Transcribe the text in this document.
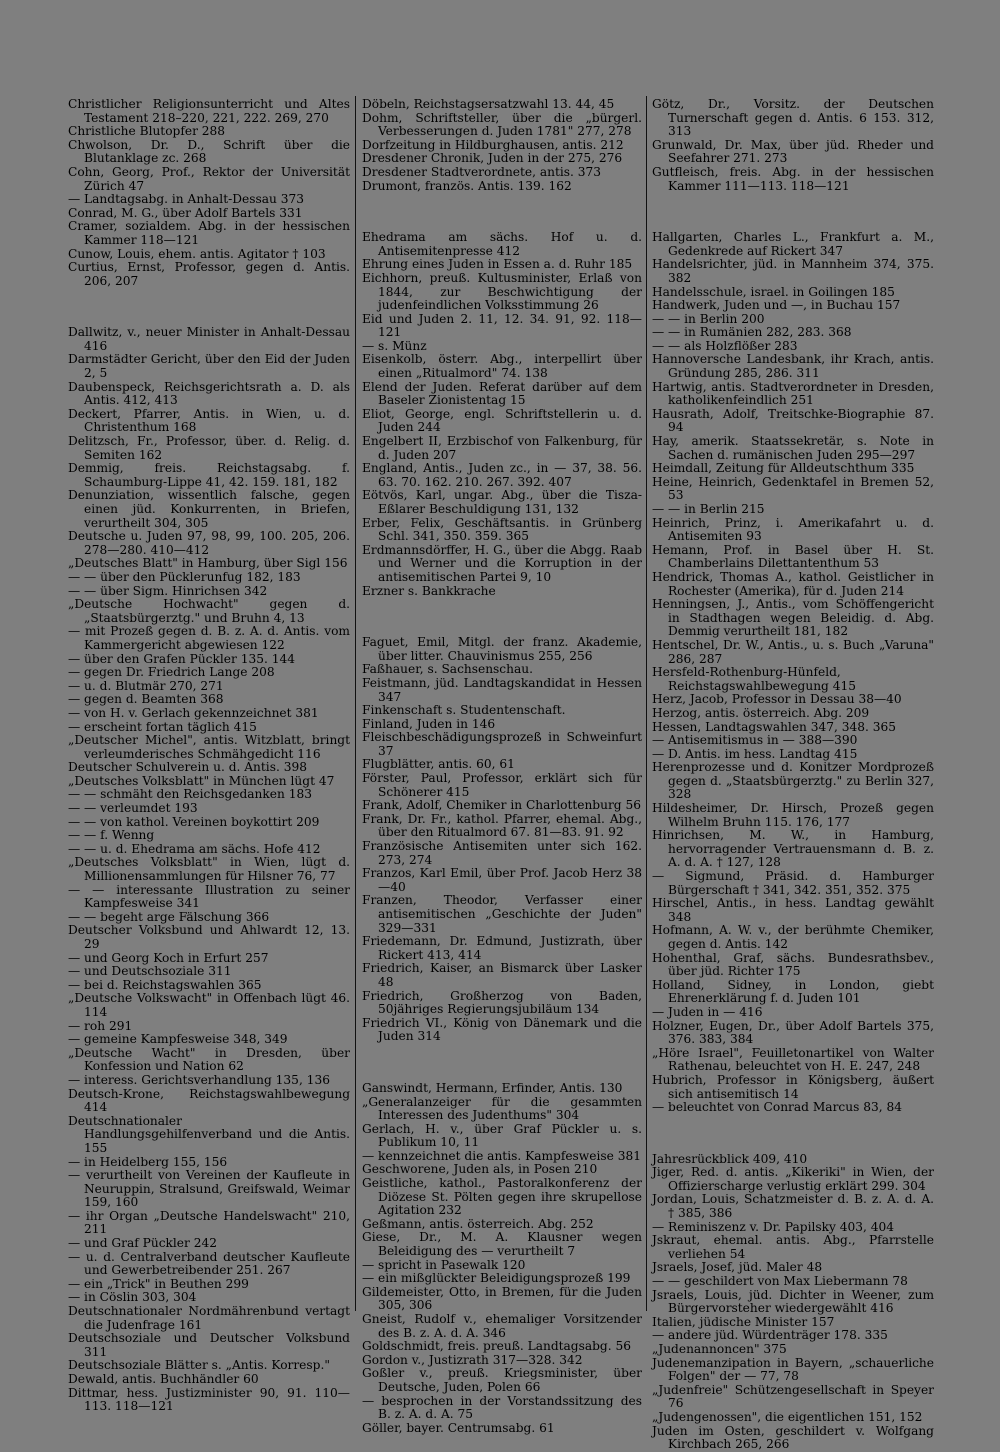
Christlicher Religionsunterricht und Altes Testament 218–220, 221, 222. 269, 270

Christliche Blutopfer 288

Chwolson, Dr. D., Schrift über die Blutanklage zc. 268

Cohn, Georg, Prof., Rektor der Universität Zürich 47

— Landtagsabg. in Anhalt-Dessau 373

Conrad, M. G., über Adolf Bartels 331

Cramer, sozialdem. Abg. in der hessischen Kammer 118—121

Cunow, Louis, ehem. antis. Agitator † 103

Curtius, Ernst, Professor, gegen d. Antis. 206, 207

Dallwitz, v., neuer Minister in Anhalt-Dessau 416

Darmstädter Gericht, über den Eid der Juden 2, 5

Daubenspeck, Reichsgerichtsrath a. D. als Antis. 412, 413

Deckert, Pfarrer, Antis. in Wien, u. d. Christenthum 168

Delitzsch, Fr., Professor, über. d. Relig. d. Semiten 162

Demmig, freis. Reichstagsabg. f. Schaumburg-Lippe 41, 42. 159. 181, 182

Denunziation, wissentlich falsche, gegen einen jüd. Konkurrenten, in Briefen, verurtheilt 304, 305

Deutsche u. Juden 97, 98, 99, 100. 205, 206. 278—280. 410—412

„Deutsches Blatt" in Hamburg, über Sigl 156

— — über den Pücklerunfug 182, 183

— — über Sigm. Hinrichsen 342

„Deutsche Hochwacht" gegen d. „Staatsbürgerztg." und Bruhn 4, 13

— mit Prozeß gegen d. B. z. A. d. Antis. vom Kammergericht abgewiesen 122

— über den Grafen Pückler 135. 144

— gegen Dr. Friedrich Lange 208

— u. d. Blutmär 270, 271

— gegen d. Beamten 368

— von H. v. Gerlach gekennzeichnet 381

— erscheint fortan täglich 415

„Deutscher Michel", antis. Witzblatt, bringt verleumderisches Schmähgedicht 116

Deutscher Schulverein u. d. Antis. 398

„Deutsches Volksblatt" in München lügt 47

— — schmäht den Reichsgedanken 183

— — verleumdet 193

— — von kathol. Vereinen boykottirt 209

— — f. Wenng

— — u. d. Ehedrama am sächs. Hofe 412

„Deutsches Volksblatt" in Wien, lügt d. Millionensammlungen für Hilsner 76, 77

— — interessante Illustration zu seiner Kampfesweise 341

— — begeht arge Fälschung 366

Deutscher Volksbund und Ahlwardt 12, 13. 29

— und Georg Koch in Erfurt 257

— und Deutschsoziale 311

— bei d. Reichstagswahlen 365

„Deutsche Volkswacht" in Offenbach lügt 46. 114

— roh 291

— gemeine Kampfesweise 348, 349

„Deutsche Wacht" in Dresden, über Konfession und Nation 62

— interess. Gerichtsverhandlung 135, 136

Deutsch-Krone, Reichstagswahlbewegung 414

Deutschnationaler Handlungsgehilfenverband und die Antis. 155

— in Heidelberg 155, 156

— verurtheilt von Vereinen der Kaufleute in Neuruppin, Stralsund, Greifswald, Weimar 159, 160

— ihr Organ „Deutsche Handelswacht" 210, 211

— und Graf Pückler 242

— u. d. Centralverband deutscher Kaufleute und Gewerbetreibender 251. 267

— ein „Trick" in Beuthen 299

— in Cöslin 303, 304

Deutschnationaler Nordmährenbund vertagt die Judenfrage 161

Deutschsoziale und Deutscher Volksbund 311

Deutschsoziale Blätter s. „Antis. Korresp."

Dewald, antis. Buchhändler 60

Dittmar, hess. Justizminister 90, 91. 110—113. 118—121

Döbeln, Reichstagsersatzwahl 13. 44, 45

Dohm, Schriftsteller, über die „bürgerl. Verbesserungen d. Juden 1781" 277, 278

Dorfzeitung in Hildburghausen, antis. 212

Dresdener Chronik, Juden in der 275, 276

Dresdener Stadtverordnete, antis. 373

Drumont, französ. Antis. 139. 162

Ehedrama am sächs. Hof u. d. Antisemitenpresse 412

Ehrung eines Juden in Essen a. d. Ruhr 185

Eichhorn, preuß. Kultusminister, Erlaß von 1844, zur Beschwichtigung der judenfeindlichen Volksstimmung 26

Eid und Juden 2. 11, 12. 34. 91, 92. 118—121

— s. Münz

Eisenkolb, österr. Abg., interpellirt über einen „Ritualmord" 74. 138

Elend der Juden. Referat darüber auf dem Baseler Zionistentag 15

Eliot, George, engl. Schriftstellerin u. d. Juden 244

Engelbert II, Erzbischof von Falkenburg, für d. Juden 207

England, Antis., Juden zc., in — 37, 38. 56. 63. 70. 162. 210. 267. 392. 407

Eötvös, Karl, ungar. Abg., über die Tisza-Eßlarer Beschuldigung 131, 132

Erber, Felix, Geschäftsantis. in Grünberg Schl. 341, 350. 359. 365

Erdmannsdörffer, H. G., über die Abgg. Raab und Werner und die Korruption in der antisemitischen Partei 9, 10

Erzner s. Bankkrache

Faguet, Emil, Mitgl. der franz. Akademie, über litter. Chauvinismus 255, 256

Faßhauer, s. Sachsenschau.

Feistmann, jüd. Landtagskandidat in Hessen 347

Finkenschaft s. Studentenschaft.

Finland, Juden in 146

Fleischbeschädigungsprozeß in Schweinfurt 37

Flugblätter, antis. 60, 61

Förster, Paul, Professor, erklärt sich für Schönerer 415

Frank, Adolf, Chemiker in Charlottenburg 56

Frank, Dr. Fr., kathol. Pfarrer, ehemal. Abg., über den Ritualmord 67. 81—83. 91. 92

Französische Antisemiten unter sich 162. 273, 274

Franzos, Karl Emil, über Prof. Jacob Herz 38—40

Franzen, Theodor, Verfasser einer antisemitischen „Geschichte der Juden" 329—331

Friedemann, Dr. Edmund, Justizrath, über Rickert 413, 414

Friedrich, Kaiser, an Bismarck über Lasker 48

Friedrich, Großherzog von Baden, 50jähriges Regierungsjubiläum 134

Friedrich VI., König von Dänemark und die Juden 314

Ganswindt, Hermann, Erfinder, Antis. 130

„Generalanzeiger für die gesammten Interessen des Judenthums" 304

Gerlach, H. v., über Graf Pückler u. s. Publikum 10, 11

— kennzeichnet die antis. Kampfesweise 381

Geschworene, Juden als, in Posen 210

Geistliche, kathol., Pastoralkonferenz der Diözese St. Pölten gegen ihre skrupellose Agitation 232

Geßmann, antis. österreich. Abg. 252

Giese, Dr., M. A. Klausner wegen Beleidigung des — verurtheilt 7

— spricht in Pasewalk 120

— ein mißglückter Beleidigungsprozeß 199

Gildemeister, Otto, in Bremen, für die Juden 305, 306

Gneist, Rudolf v., ehemaliger Vorsitzender des B. z. A. d. A. 346

Goldschmidt, freis. preuß. Landtagsabg. 56

Gordon v., Justizrath 317—328. 342

Goßler v., preuß. Kriegsminister, über Deutsche, Juden, Polen 66

— besprochen in der Vorstandssitzung des B. z. A. d. A. 75

Göller, bayer. Centrumsabg. 61

Götz, Dr., Vorsitz. der Deutschen Turnerschaft gegen d. Antis. 6 153. 312, 313

Grunwald, Dr. Max, über jüd. Rheder und Seefahrer 271. 273

Gutfleisch, freis. Abg. in der hessischen Kammer 111—113. 118—121

Hallgarten, Charles L., Frankfurt a. M., Gedenkrede auf Rickert 347

Handelsrichter, jüd. in Mannheim 374, 375. 382

Handelsschule, israel. in Goilingen 185

Handwerk, Juden und —, in Buchau 157

— — in Berlin 200

— — in Rumänien 282, 283. 368

— — als Holzflößer 283

Hannoversche Landesbank, ihr Krach, antis. Gründung 285, 286. 311

Hartwig, antis. Stadtverordneter in Dresden, katholikenfeindlich 251

Hausrath, Adolf, Treitschke-Biographie 87. 94

Hay, amerik. Staatssekretär, s. Note in Sachen d. rumänischen Juden 295—297

Heimdall, Zeitung für Alldeutschthum 335

Heine, Heinrich, Gedenktafel in Bremen 52, 53

— — in Berlin 215

Heinrich, Prinz, i. Amerikafahrt u. d. Antisemiten 93

Hemann, Prof. in Basel über H. St. Chamberlains Dilettantenthum 53

Hendrick, Thomas A., kathol. Geistlicher in Rochester (Amerika), für d. Juden 214

Henningsen, J., Antis., vom Schöffengericht in Stadthagen wegen Beleidig. d. Abg. Demmig verurtheilt 181, 182

Hentschel, Dr. W., Antis., u. s. Buch „Varuna" 286, 287

Hersfeld-Rothenburg-Hünfeld, Reichstagswahlbewegung 415

Herz, Jacob, Professor in Dessau 38—40

Herzog, antis. österreich. Abg. 209

Hessen, Landtagswahlen 347, 348. 365

— Antisemitismus in — 388—390

— D. Antis. im hess. Landtag 415

Herenprozesse und d. Konitzer Mordprozeß gegen d. „Staatsbürgerztg." zu Berlin 327, 328

Hildesheimer, Dr. Hirsch, Prozeß gegen Wilhelm Bruhn 115. 176, 177

Hinrichsen, M. W., in Hamburg, hervorragender Vertrauensmann d. B. z. A. d. A. † 127, 128

— Sigmund, Präsid. d. Hamburger Bürgerschaft † 341, 342. 351, 352. 375

Hirschel, Antis., in hess. Landtag gewählt 348

Hofmann, A. W. v., der berühmte Chemiker, gegen d. Antis. 142

Hohenthal, Graf, sächs. Bundesrathsbev., über jüd. Richter 175

Holland, Sidney, in London, giebt Ehrenerklärung f. d. Juden 101

— Juden in — 416

Holzner, Eugen, Dr., über Adolf Bartels 375, 376. 383, 384

„Höre Israel", Feuilletonartikel von Walter Rathenau, beleuchtet von H. E. 247, 248

Hubrich, Professor in Königsberg, äußert sich antisemitisch 14

— beleuchtet von Conrad Marcus 83, 84

Jahresrückblick 409, 410

Jiger, Red. d. antis. „Kikeriki" in Wien, der Offizierscharge verlustig erklärt 299. 304

Jordan, Louis, Schatzmeister d. B. z. A. d. A. † 385, 386

— Reminiszenz v. Dr. Papilsky 403, 404

Jskraut, ehemal. antis. Abg., Pfarrstelle verliehen 54

Jsraels, Josef, jüd. Maler 48

— — geschildert von Max Liebermann 78

Jsraels, Louis, jüd. Dichter in Weener, zum Bürgervorsteher wiedergewählt 416

Italien, jüdische Minister 157

— andere jüd. Würdenträger 178. 335

„Judenannoncen" 375

Judenemanzipation in Bayern, „schauerliche Folgen" der — 77, 78

„Judenfreie" Schützengesellschaft in Speyer 76

„Judengenossen", die eigentlichen 151, 152

Juden im Osten, geschildert v. Wolfgang Kirchbach 265, 266
